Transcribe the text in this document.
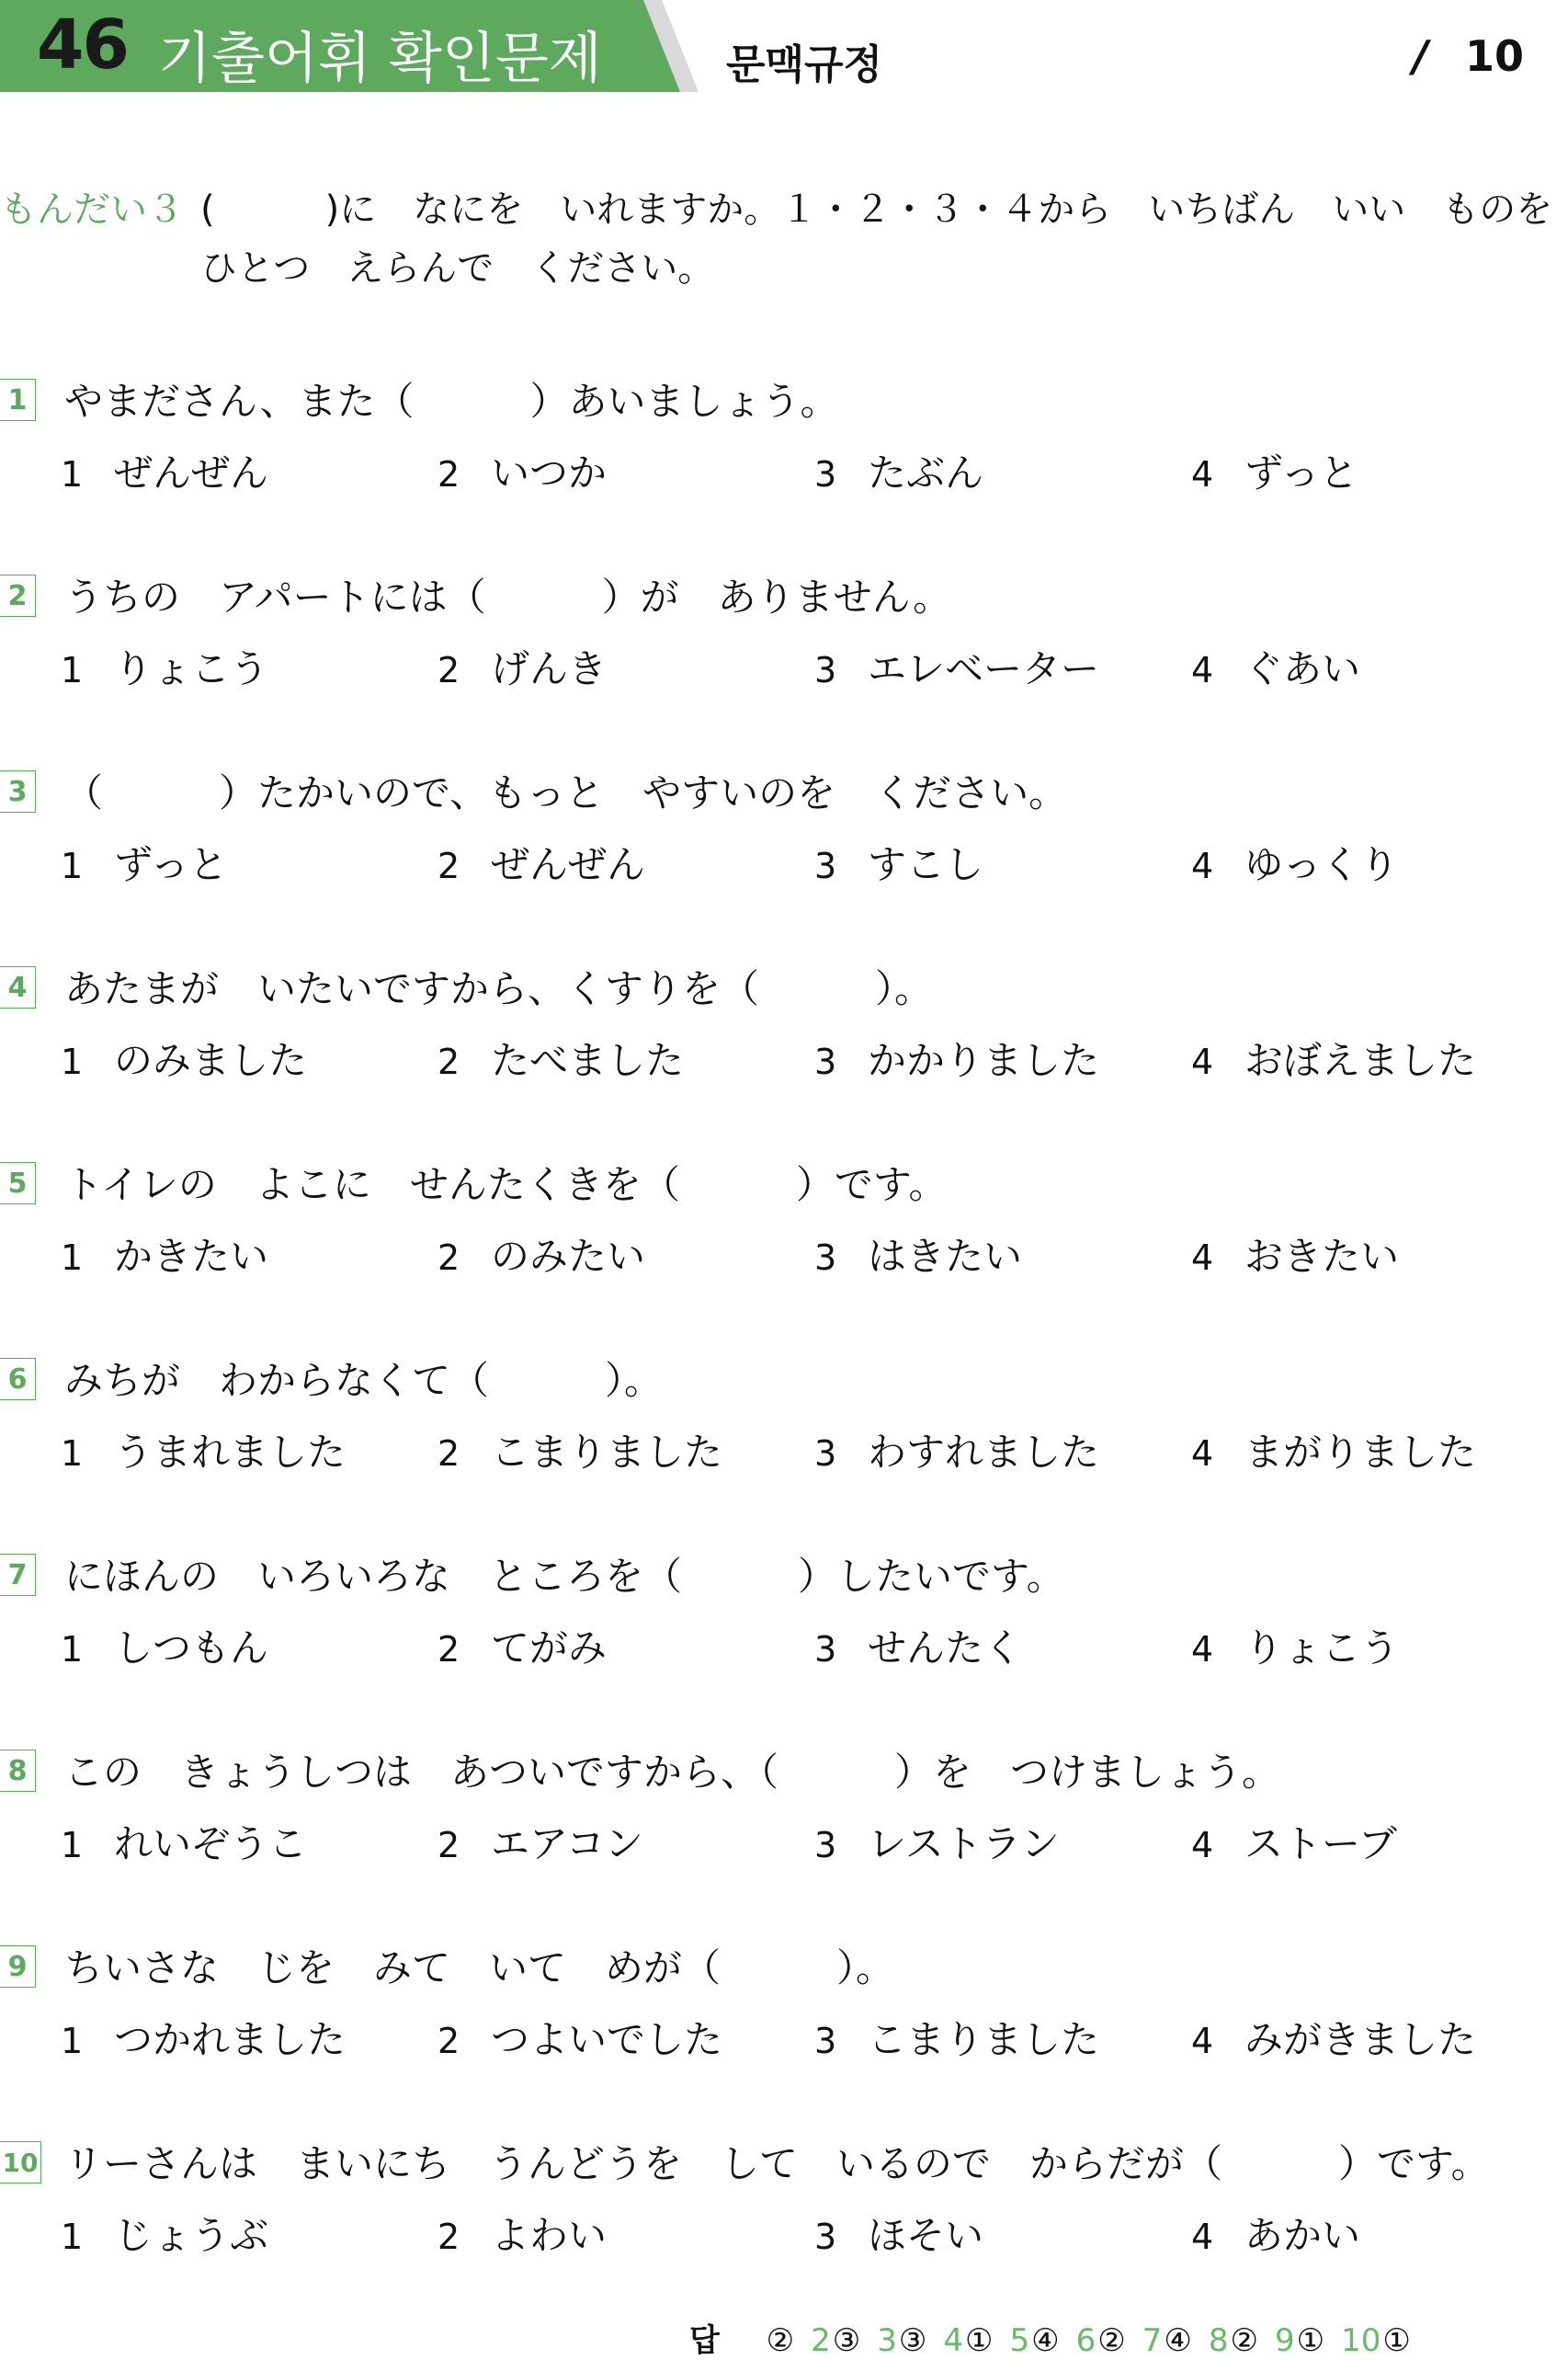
46 기출어휘 확인문제	문맥규정	/ 10
もんだい３ (　　　)に　なにを　いれますか。１・２・３・４から　いちばん　いい　ものを
ひとつ　えらんで　ください。
1 やまださん、また（　　　）あいましょう。
1 ぜんぜん	2 いつか	3 たぶん	4 ずっと
2 うちの　アパートには（　　　）が　ありません。
1 りょこう	2 げんき	3 エレベーター	4 ぐあい
3 （　　　）たかいので、もっと　やすいのを　ください。
1 ずっと	2 ぜんぜん	3 すこし	4 ゆっくり
4 あたまが　いたいですから、くすりを（　　　）。
1 のみました	2 たべました	3 かかりました	4 おぼえました
5 トイレの　よこに　せんたくきを（　　　）です。
1 かきたい	2 のみたい	3 はきたい	4 おきたい
6 みちが　わからなくて（　　　）。
1 うまれました	2 こまりました	3 わすれました	4 まがりました
7 にほんの　いろいろな　ところを（　　　）したいです。
1 しつもん	2 てがみ	3 せんたく	4 りょこう
8 この　きょうしつは　あついですから、（　　　）を　つけましょう。
1 れいぞうこ	2 エアコン	3 レストラン	4 ストーブ
9 ちいさな　じを　みて　いて　めが（　　　）。
1 つかれました	2 つよいでした	3 こまりました	4 みがきました
10 リーさんは　まいにち　うんどうを　して　いるので　からだが（　　　）です。
1 じょうぶ	2 よわい	3 ほそい	4 あかい
답 ② 2③ 3③ 4① 5④ 6② 7④ 8② 9① 10①
